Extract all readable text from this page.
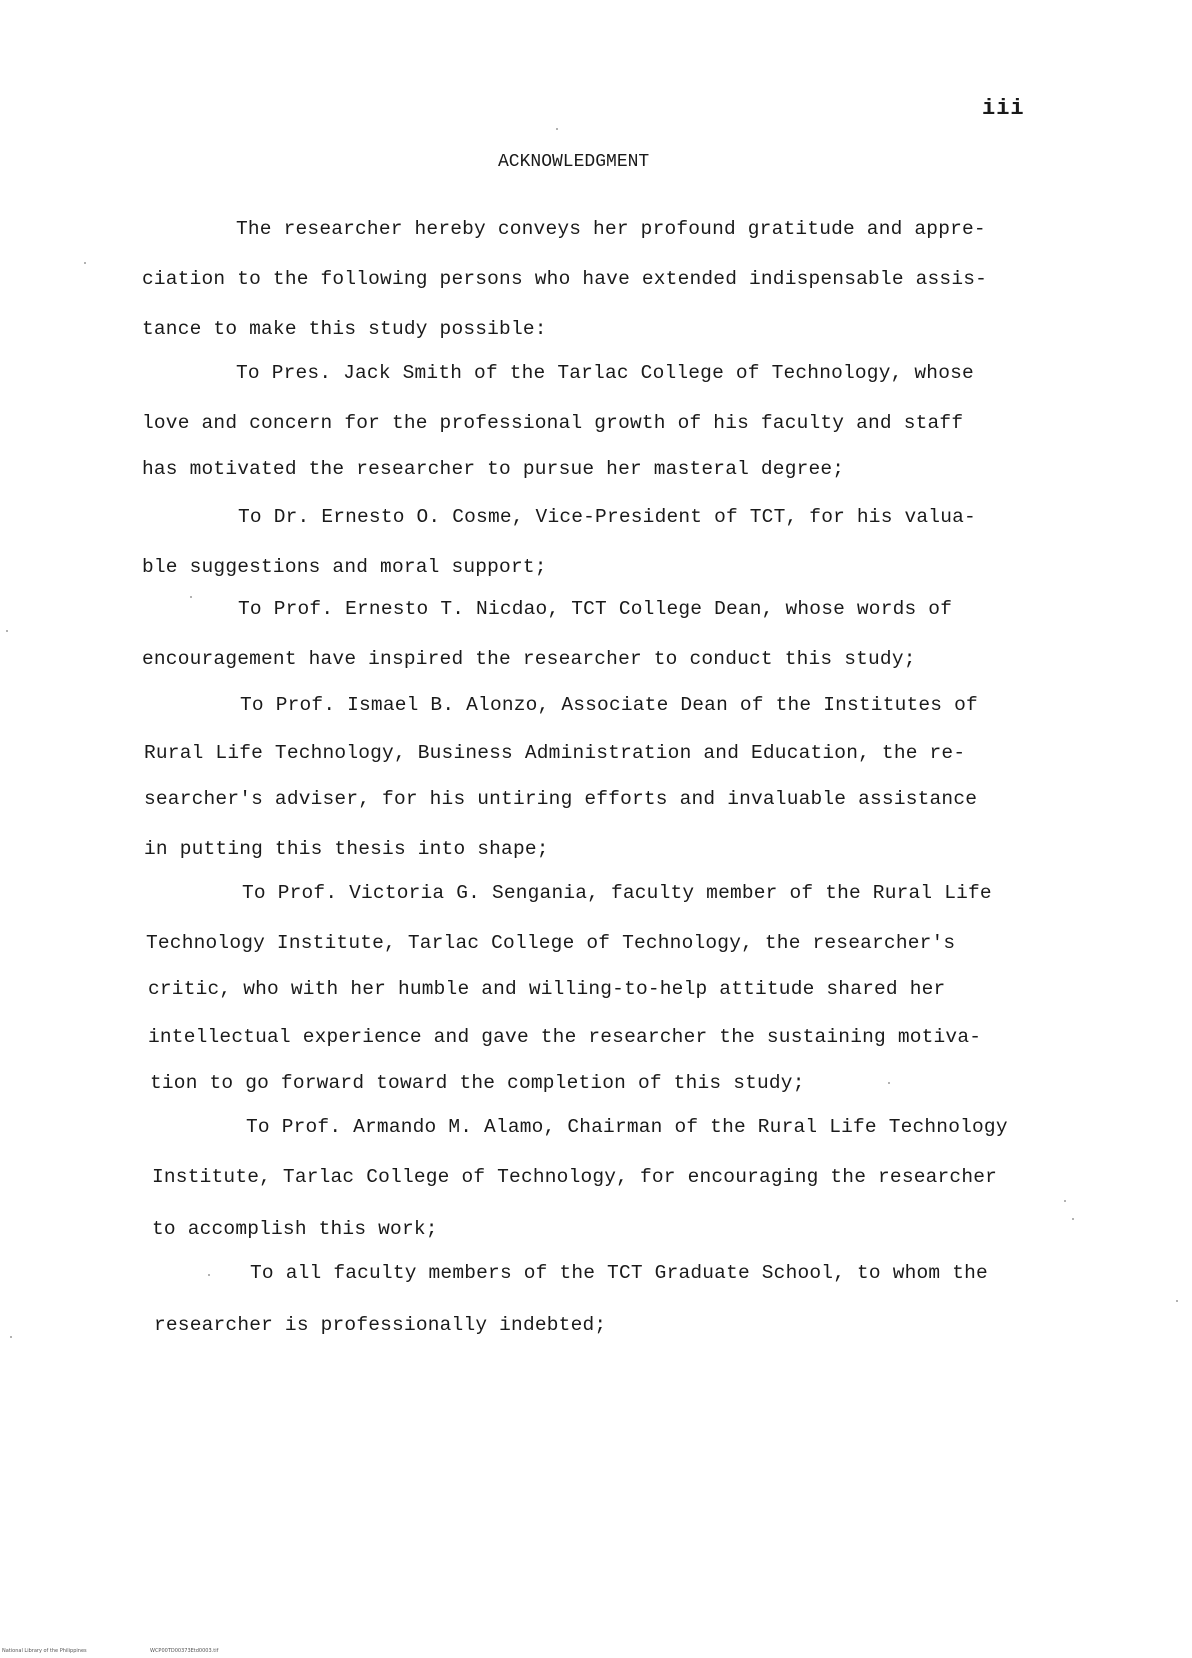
iii
ACKNOWLEDGMENT
The researcher hereby conveys her profound gratitude and appre-
ciation to the following persons who have extended indispensable assis-
tance to make this study possible:
To Pres. Jack Smith of the Tarlac College of Technology, whose
love and concern for the professional growth of his faculty and staff
has motivated the researcher to pursue her masteral degree;
To Dr. Ernesto O. Cosme, Vice-President of TCT, for his valua-
ble suggestions and moral support;
To Prof. Ernesto T. Nicdao, TCT College Dean, whose words of
encouragement have inspired the researcher to conduct this study;
To Prof. Ismael B. Alonzo, Associate Dean of the Institutes of
Rural Life Technology, Business Administration and Education, the re-
searcher's adviser, for his untiring efforts and invaluable assistance
in putting this thesis into shape;
To Prof. Victoria G. Sengania, faculty member of the Rural Life
Technology Institute, Tarlac College of Technology, the researcher's
critic, who with her humble and willing-to-help attitude shared her
intellectual experience and gave the researcher the sustaining motiva-
tion to go forward toward the completion of this study;
To Prof. Armando M. Alamo, Chairman of the Rural Life Technology
Institute, Tarlac College of Technology, for encouraging the researcher
to accomplish this work;
To all faculty members of the TCT Graduate School, to whom the
researcher is professionally indebted;
National Library of the Philippines	WCP00TD00373Etd0003.tif
